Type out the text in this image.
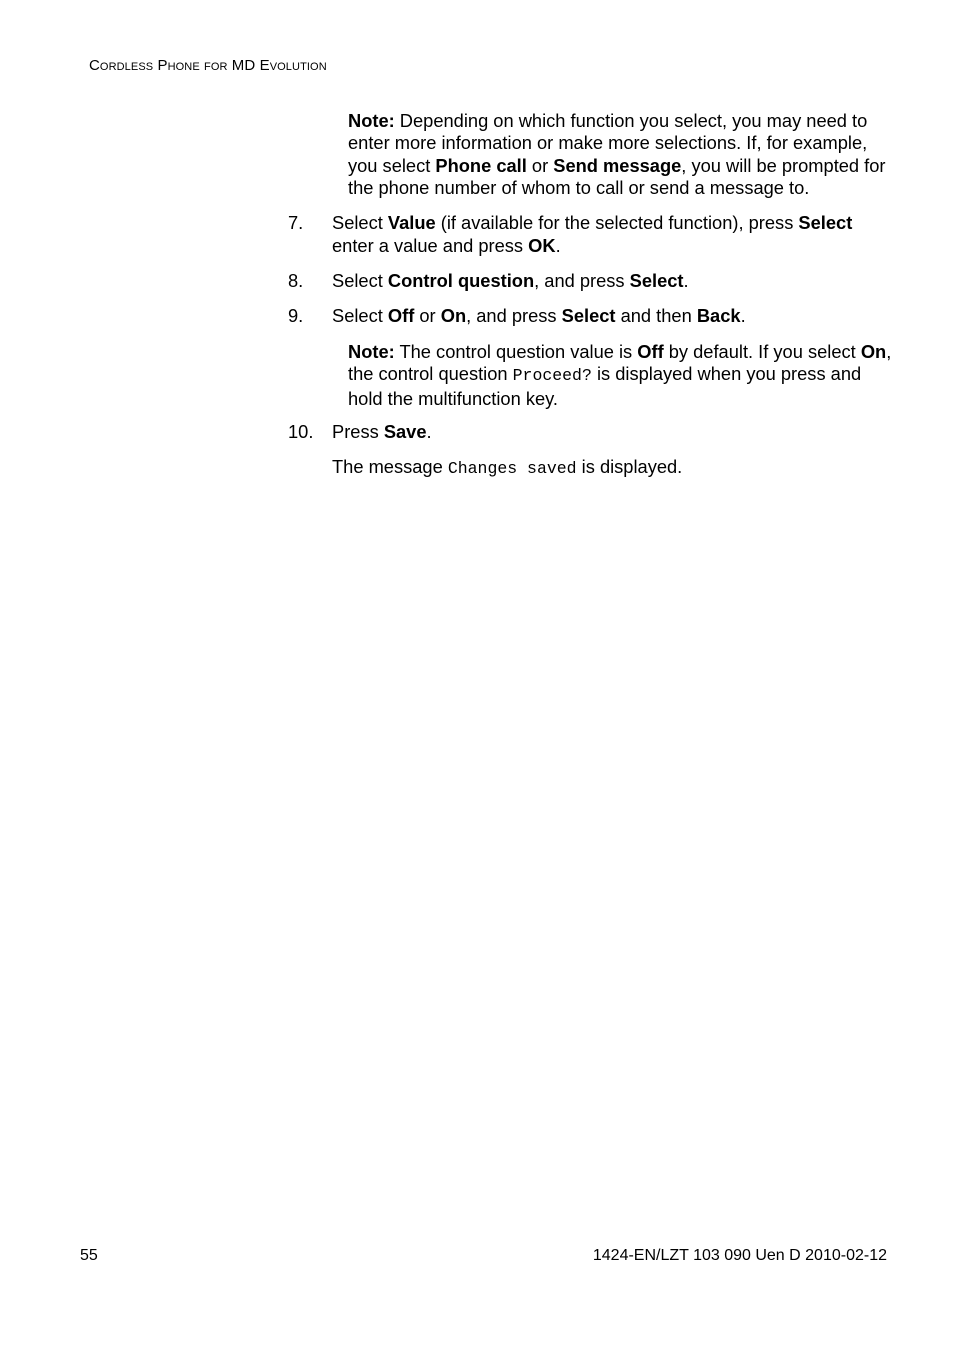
Cordless Phone for MD Evolution
Note: Depending on which function you select, you may need to enter more information or make more selections. If, for example, you select Phone call or Send message, you will be prompted for the phone number of whom to call or send a message to.
7. Select Value (if available for the selected function), press Select enter a value and press OK.
8. Select Control question, and press Select.
9. Select Off or On, and press Select and then Back.
Note: The control question value is Off by default. If you select On, the control question Proceed? is displayed when you press and hold the multifunction key.
10. Press Save.
The message Changes saved is displayed.
55	1424-EN/LZT 103 090 Uen D 2010-02-12
